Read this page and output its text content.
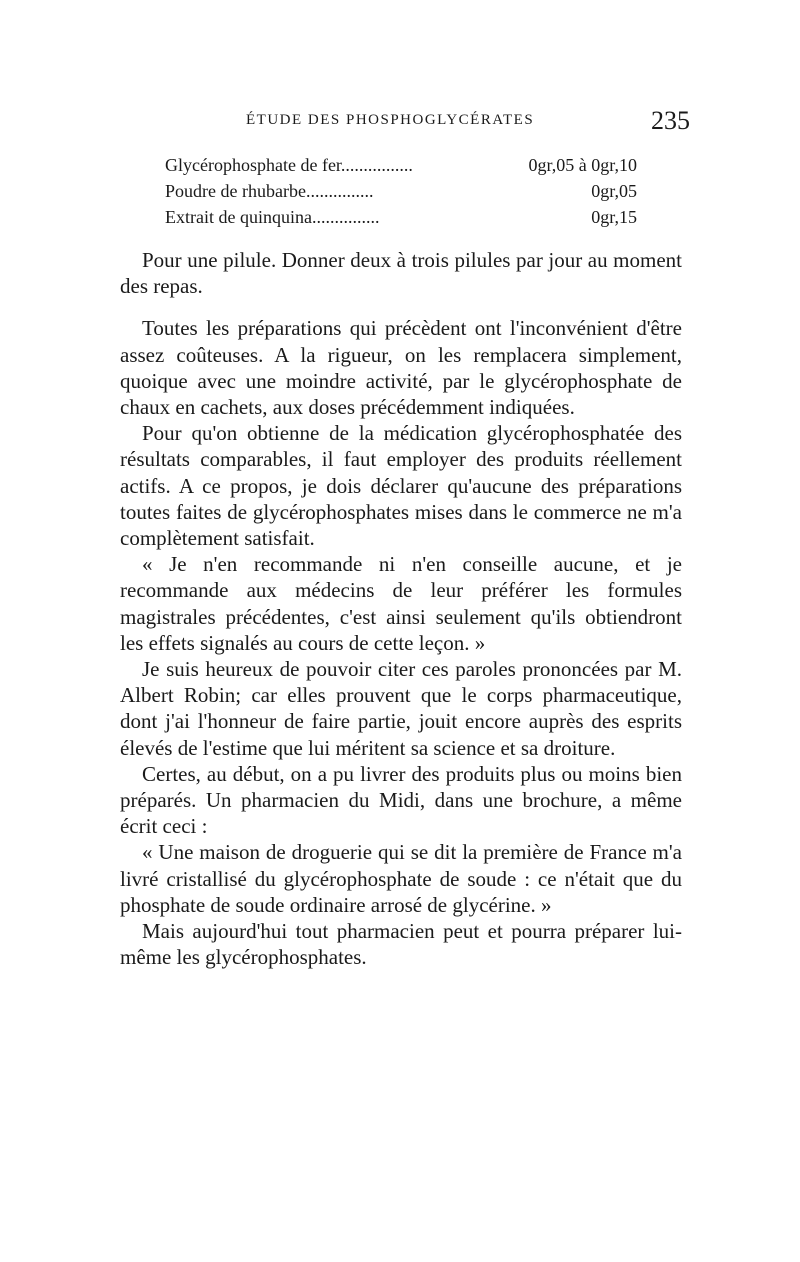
ÉTUDE DES PHOSPHOGLYCÉRATES	235
Glycérophosphate de fer................	0gr,05 à 0gr,10
Poudre de rhubarbe...............	0gr,05
Extrait de quinquina...............	0gr,15

Pour une pilule. Donner deux à trois pilules par jour au moment des repas.

Toutes les préparations qui précèdent ont l'inconvénient d'être assez coûteuses. A la rigueur, on les remplacera simplement, quoique avec une moindre activité, par le glycérophosphate de chaux en cachets, aux doses précédemment indiquées.

Pour qu'on obtienne de la médication glycérophosphatée des résultats comparables, il faut employer des produits réellement actifs. A ce propos, je dois déclarer qu'aucune des préparations toutes faites de glycérophosphates mises dans le commerce ne m'a complètement satisfait.

« Je n'en recommande ni n'en conseille aucune, et je recommande aux médecins de leur préférer les formules magistrales précédentes, c'est ainsi seulement qu'ils obtiendront les effets signalés au cours de cette leçon. »

Je suis heureux de pouvoir citer ces paroles prononcées par M. Albert Robin; car elles prouvent que le corps pharmaceutique, dont j'ai l'honneur de faire partie, jouit encore auprès des esprits élevés de l'estime que lui méritent sa science et sa droiture.

Certes, au début, on a pu livrer des produits plus ou moins bien préparés. Un pharmacien du Midi, dans une brochure, a même écrit ceci :

« Une maison de droguerie qui se dit la première de France m'a livré cristallisé du glycérophosphate de soude : ce n'était que du phosphate de soude ordinaire arrosé de glycérine. »

Mais aujourd'hui tout pharmacien peut et pourra préparer lui-même les glycérophosphates.
